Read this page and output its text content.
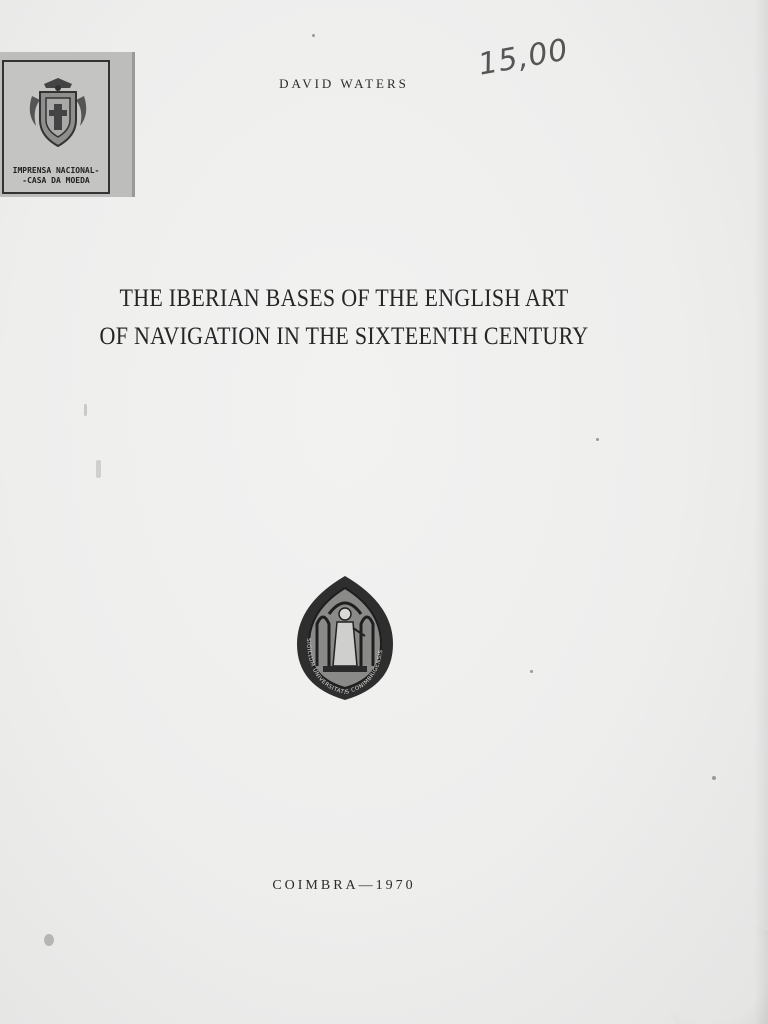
IMPRENSA NACIONAL-
-CASA DA MOEDA
DAVID WATERS
15,00
THE IBERIAN BASES OF THE ENGLISH ART
OF NAVIGATION IN THE SIXTEENTH CENTURY
SIGILLUM UNIVERSITATIS CONIMBRIGENSIS
COIMBRA—1970
